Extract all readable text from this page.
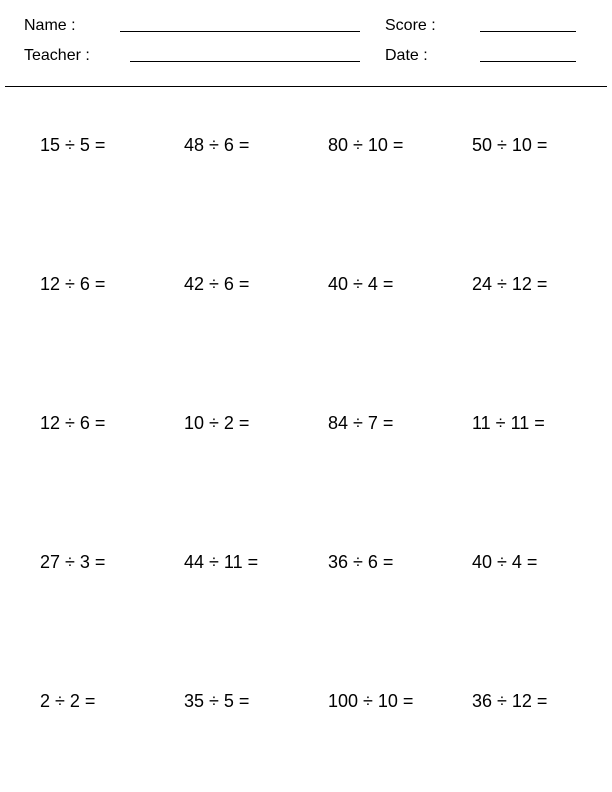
Name :	Score :
Teacher :	Date :
15 ÷ 5 =	48 ÷ 6 =	80 ÷ 10 =	50 ÷ 10 =
12 ÷ 6 =	42 ÷ 6 =	40 ÷ 4 =	24 ÷ 12 =
12 ÷ 6 =	10 ÷ 2 =	84 ÷ 7 =	11 ÷ 11 =
27 ÷ 3 =	44 ÷ 11 =	36 ÷ 6 =	40 ÷ 4 =
2 ÷ 2 =	35 ÷ 5 =	100 ÷ 10 =	36 ÷ 12 =
